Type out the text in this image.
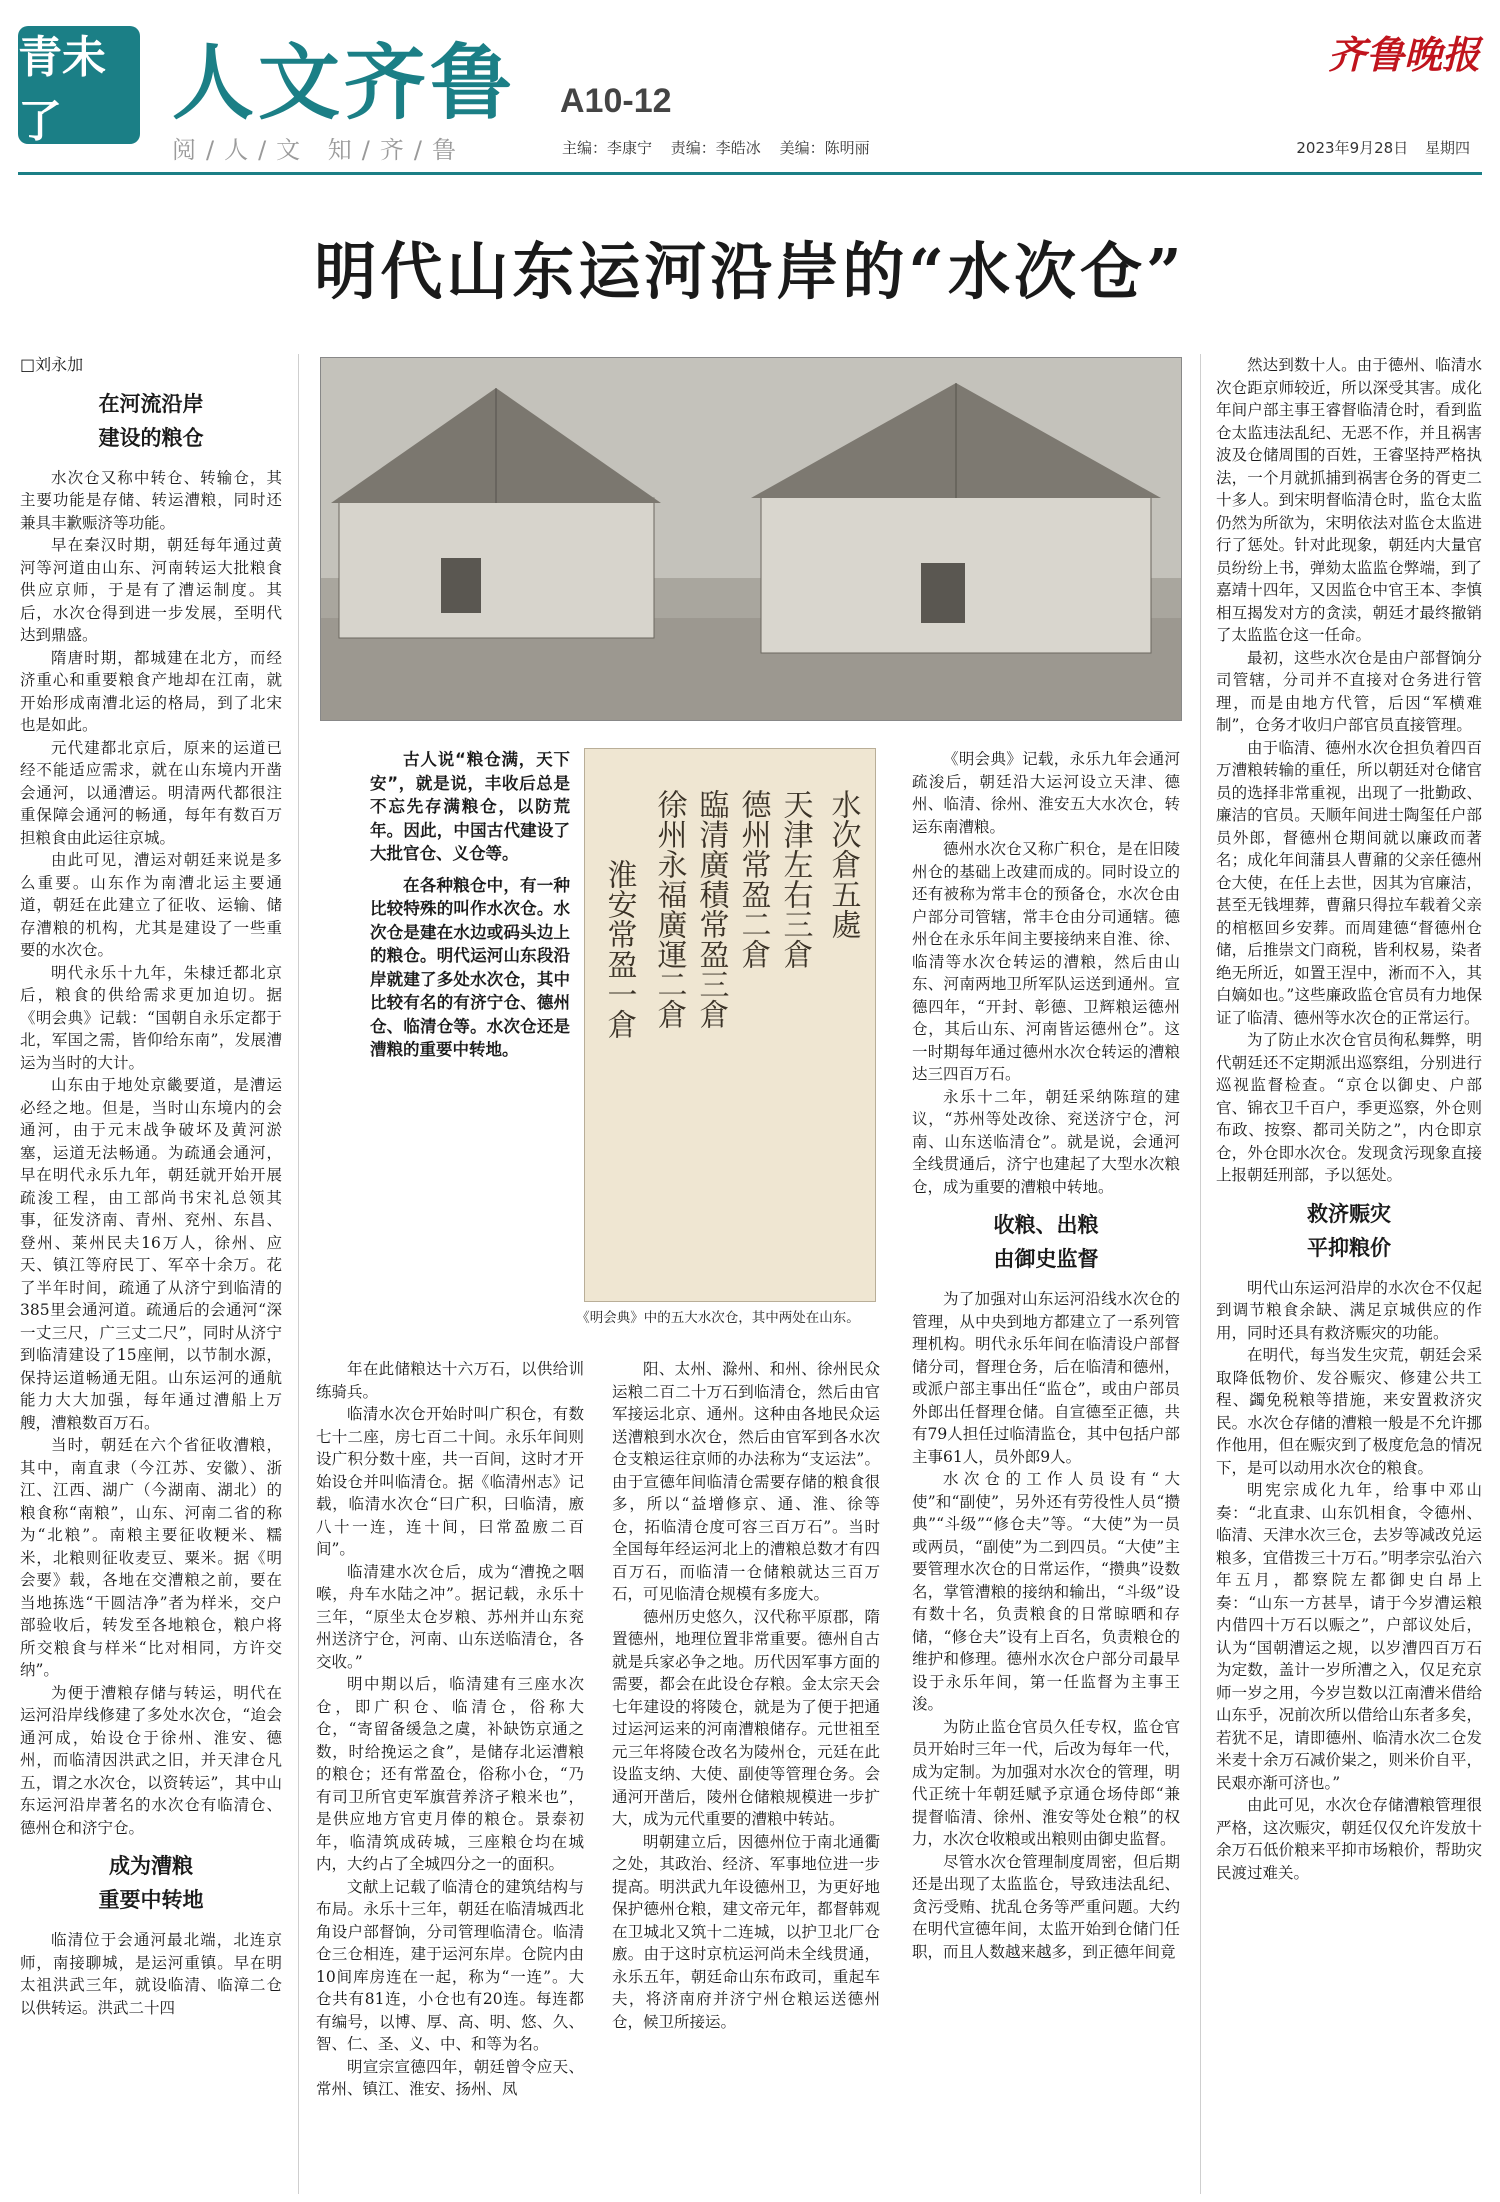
青未了	人文齐鲁 A10-12
齐鲁晚报
阅/人/文 知/齐/鲁	主编：李康宁 责编：李皓冰 美编：陈明丽	2023年9月28日 星期四
明代山东运河沿岸的“水次仓”
□刘永加
在河流沿岸
建设的粮仓

水次仓又称中转仓、转输仓，其主要功能是存储、转运漕粮，同时还兼具丰歉赈济等功能。

早在秦汉时期，朝廷每年通过黄河等河道由山东、河南转运大批粮食供应京师，于是有了漕运制度。其后，水次仓得到进一步发展，至明代达到鼎盛。

隋唐时期，都城建在北方，而经济重心和重要粮食产地却在江南，就开始形成南漕北运的格局，到了北宋也是如此。

元代建都北京后，原来的运道已经不能适应需求，就在山东境内开凿会通河，以通漕运。明清两代都很注重保障会通河的畅通，每年有数百万担粮食由此运往京城。

由此可见，漕运对朝廷来说是多么重要。山东作为南漕北运主要通道，朝廷在此建立了征收、运输、储存漕粮的机构，尤其是建设了一些重要的水次仓。

明代永乐十九年，朱棣迁都北京后，粮食的供给需求更加迫切。据《明会典》记载：“国朝自永乐定都于北，军国之需，皆仰给东南”，发展漕运为当时的大计。

山东由于地处京畿要道，是漕运必经之地。但是，当时山东境内的会通河，由于元末战争破坏及黄河淤塞，运道无法畅通。为疏通会通河，早在明代永乐九年，朝廷就开始开展疏浚工程，由工部尚书宋礼总领其事，征发济南、青州、兖州、东昌、登州、莱州民夫16万人，徐州、应天、镇江等府民丁、军卒十余万。花了半年时间，疏通了从济宁到临清的385里会通河道。疏通后的会通河“深一丈三尺，广三丈二尺”，同时从济宁到临清建设了15座闸，以节制水源，保持运道畅通无阻。山东运河的通航能力大大加强，每年通过漕船上万艘，漕粮数百万石。

当时，朝廷在六个省征收漕粮，其中，南直隶（今江苏、安徽）、浙江、江西、湖广（今湖南、湖北）的粮食称“南粮”，山东、河南二省的称为“北粮”。南粮主要征收粳米、糯米，北粮则征收麦豆、粟米。据《明会要》载，各地在交漕粮之前，要在当地拣选“干圆洁净”者为样米，交户部验收后，转发至各地粮仓，粮户将所交粮食与样米“比对相同，方许交纳”。

为便于漕粮存储与转运，明代在运河沿岸线修建了多处水次仓，“迨会通河成，始设仓于徐州、淮安、德州，而临清因洪武之旧，并天津仓凡五，谓之水次仓，以资转运”，其中山东运河沿岸著名的水次仓有临清仓、德州仓和济宁仓。

成为漕粮
重要中转地

临清位于会通河最北端，北连京师，南接聊城，是运河重镇。早在明太祖洪武三年，就设临清、临漳二仓以供转运。洪武二十四

古人说“粮仓满，天下安”，就是说，丰收后总是不忘先存满粮仓，以防荒年。因此，中国古代建设了大批官仓、义仓等。

在各种粮仓中，有一种比较特殊的叫作水次仓。水次仓是建在水边或码头边上的粮仓。明代运河山东段沿岸就建了多处水次仓，其中比较有名的有济宁仓、德州仓、临清仓等。水次仓还是漕粮的重要中转地。

水次倉五處
天津左右三倉
德州常盈二倉
臨清廣積常盈三倉
徐州永福廣運二倉
淮安常盈一倉
《明会典》中的五大水次仓，其中两处在山东。

年在此储粮达十六万石，以供给训练骑兵。

临清水次仓开始时叫广积仓，有数七十二座，房七百二十间。永乐年间则设广积分数十座，共一百间，这时才开始设仓并叫临清仓。据《临清州志》记载，临清水次仓“曰广积，曰临清，廒八十一连，连十间，曰常盈廒二百间”。

临清建水次仓后，成为“漕挽之咽喉，舟车水陆之冲”。据记载，永乐十三年，“原坐太仓岁粮、苏州并山东兖州送济宁仓，河南、山东送临清仓，各交收。”

明中期以后，临清建有三座水次仓，即广积仓、临清仓，俗称大仓，“寄留备缓急之虞，补缺饬京通之数，时给挽运之食”，是储存北运漕粮的粮仓；还有常盈仓，俗称小仓，“乃有司卫所官吏军旗营养济孑粮米也”，是供应地方官吏月俸的粮仓。景泰初年，临清筑成砖城，三座粮仓均在城内，大约占了全城四分之一的面积。

文献上记载了临清仓的建筑结构与布局。永乐十三年，朝廷在临清城西北角设户部督饷，分司管理临清仓。临清仓三仓相连，建于运河东岸。仓院内由10间库房连在一起，称为“一连”。大仓共有81连，小仓也有20连。每连都有编号，以博、厚、高、明、悠、久、智、仁、圣、义、中、和等为名。

明宣宗宣德四年，朝廷曾令应天、常州、镇江、淮安、扬州、凤

阳、太州、滁州、和州、徐州民众运粮二百二十万石到临清仓，然后由官军接运北京、通州。这种由各地民众运送漕粮到水次仓，然后由官军到各水次仓支粮运往京师的办法称为“支运法”。由于宣德年间临清仓需要存储的粮食很多，所以“益增修京、通、淮、徐等仓，拓临清仓度可容三百万石”。当时全国每年经运河北上的漕粮总数才有四百万石，而临清一仓储粮就达三百万石，可见临清仓规模有多庞大。

德州历史悠久，汉代称平原郡，隋置德州，地理位置非常重要。德州自古就是兵家必争之地。历代因军事方面的需要，都会在此设仓存粮。金太宗天会七年建设的将陵仓，就是为了便于把通过运河运来的河南漕粮储存。元世祖至元三年将陵仓改名为陵州仓，元廷在此设监支纳、大使、副使等管理仓务。会通河开凿后，陵州仓储粮规模进一步扩大，成为元代重要的漕粮中转站。

明朝建立后，因德州位于南北通衢之处，其政治、经济、军事地位进一步提高。明洪武九年设德州卫，为更好地保护德州仓粮，建文帝元年，都督韩观在卫城北又筑十二连城，以护卫北厂仓廒。由于这时京杭运河尚未全线贯通，永乐五年，朝廷命山东布政司，重起车夫，将济南府并济宁州仓粮运送德州仓，候卫所接运。

《明会典》记载，永乐九年会通河疏浚后，朝廷沿大运河设立天津、德州、临清、徐州、淮安五大水次仓，转运东南漕粮。

德州水次仓又称广积仓，是在旧陵州仓的基础上改建而成的。同时设立的还有被称为常丰仓的预备仓，水次仓由户部分司管辖，常丰仓由分司通辖。德州仓在永乐年间主要接纳来自淮、徐、临清等水次仓转运的漕粮，然后由山东、河南两地卫所军队运送到通州。宣德四年，“开封、彰德、卫辉粮运德州仓，其后山东、河南皆运德州仓”。这一时期每年通过德州水次仓转运的漕粮达三四百万石。

永乐十二年，朝廷采纳陈瑄的建议，“苏州等处改徐、兖送济宁仓，河南、山东送临清仓”。就是说，会通河全线贯通后，济宁也建起了大型水次粮仓，成为重要的漕粮中转地。

收粮、出粮
由御史监督

为了加强对山东运河沿线水次仓的管理，从中央到地方都建立了一系列管理机构。明代永乐年间在临清设户部督储分司，督理仓务，后在临清和德州，或派户部主事出任“监仓”，或由户部员外郎出任督理仓储。自宣德至正德，共有79人担任过临清监仓，其中包括户部主事61人，员外郎9人。

水次仓的工作人员设有“大使”和“副使”，另外还有劳役性人员“攒典”“斗级”“修仓夫”等。“大使”为一员或两员，“副使”为二到四员。“大使”主要管理水次仓的日常运作，“攒典”设数名，掌管漕粮的接纳和输出，“斗级”设有数十名，负责粮食的日常晾晒和存储，“修仓夫”设有上百名，负责粮仓的维护和修理。德州水次仓户部分司最早设于永乐年间，第一任监督为主事王浚。

为防止监仓官员久任专权，监仓官员开始时三年一代，后改为每年一代，成为定制。为加强对水次仓的管理，明代正统十年朝廷赋予京通仓场侍郎“兼提督临清、徐州、淮安等处仓粮”的权力，水次仓收粮或出粮则由御史监督。

尽管水次仓管理制度周密，但后期还是出现了太监监仓，导致违法乱纪、贪污受贿、扰乱仓务等严重问题。大约在明代宣德年间，太监开始到仓储门任职，而且人数越来越多，到正德年间竟

然达到数十人。由于德州、临清水次仓距京师较近，所以深受其害。成化年间户部主事王睿督临清仓时，看到监仓太监违法乱纪、无恶不作，并且祸害波及仓储周围的百姓，王睿坚持严格执法，一个月就抓捕到祸害仓务的胥吏二十多人。到宋明督临清仓时，监仓太监仍然为所欲为，宋明依法对监仓太监进行了惩处。针对此现象，朝廷内大量官员纷纷上书，弹劾太监监仓弊端，到了嘉靖十四年，又因监仓中官王本、李慎相互揭发对方的贪渎，朝廷才最终撤销了太监监仓这一任命。

最初，这些水次仓是由户部督饷分司管辖，分司并不直接对仓务进行管理，而是由地方代管，后因“军横难制”，仓务才收归户部官员直接管理。

由于临清、德州水次仓担负着四百万漕粮转输的重任，所以朝廷对仓储官员的选择非常重视，出现了一批勤政、廉洁的官员。天顺年间进士陶玺任户部员外郎，督德州仓期间就以廉政而著名；成化年间蒲县人曹鼐的父亲任德州仓大使，在任上去世，因其为官廉洁，甚至无钱埋葬，曹鼐只得拉车载着父亲的棺柩回乡安葬。而周建德“督德州仓储，后推崇文门商税，皆利权易，染者绝无所近，如置王涅中，淅而不入，其白嫡如也。”这些廉政监仓官员有力地保证了临清、德州等水次仓的正常运行。

为了防止水次仓官员徇私舞弊，明代朝廷还不定期派出巡察组，分别进行巡视监督检查。“京仓以御史、户部官、锦衣卫千百户，季更巡察，外仓则布政、按察、都司关防之”，内仓即京仓，外仓即水次仓。发现贪污现象直接上报朝廷刑部，予以惩处。

救济赈灾
平抑粮价

明代山东运河沿岸的水次仓不仅起到调节粮食余缺、满足京城供应的作用，同时还具有救济赈灾的功能。

在明代，每当发生灾荒，朝廷会采取降低物价、发谷赈灾、修建公共工程、蠲免税粮等措施，来安置救济灾民。水次仓存储的漕粮一般是不允许挪作他用，但在赈灾到了极度危急的情况下，是可以动用水次仓的粮食。

明宪宗成化九年，给事中邓山奏：“北直隶、山东饥相食，令德州、临清、天津水次三仓，去岁等减改兑运粮多，宜借拨三十万石。”明孝宗弘治六年五月，都察院左都御史白昂上奏：“山东一方甚旱，请于今岁漕运粮内借四十万石以赈之”，户部议处后，认为“国朝漕运之规，以岁漕四百万石为定数，盖计一岁所漕之入，仅足充京师一岁之用，今岁岂数以江南漕米借给山东乎，况前次所以借给山东者多矣，若犹不足，请即德州、临清水次二仓发米麦十余万石减价粜之，则米价自平，民艰亦渐可济也。”

由此可见，水次仓存储漕粮管理很严格，这次赈灾，朝廷仅仅允许发放十余万石低价粮来平抑市场粮价，帮助灾民渡过难关。
